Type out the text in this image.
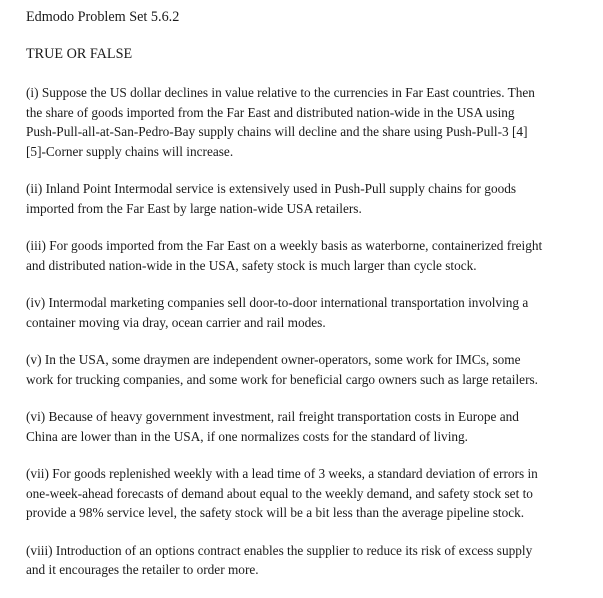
Edmodo Problem Set 5.6.2
TRUE OR FALSE
(i) Suppose the US dollar declines in value relative to the currencies in Far East countries. Then
the share of goods imported from the Far East and distributed nation-wide in the USA using
Push-Pull-all-at-San-Pedro-Bay supply chains will decline and the share using Push-Pull-3 [4]
[5]-Corner supply chains will increase.
(ii) Inland Point Intermodal service is extensively used in Push-Pull supply chains for goods
imported from the Far East by large nation-wide USA retailers.
(iii) For goods imported from the Far East on a weekly basis as waterborne, containerized freight
and distributed nation-wide in the USA, safety stock is much larger than cycle stock.
(iv) Intermodal marketing companies sell door-to-door international transportation involving a
container moving via dray, ocean carrier and rail modes.
(v) In the USA, some draymen are independent owner-operators, some work for IMCs, some
work for trucking companies, and some work for beneficial cargo owners such as large retailers.
(vi) Because of heavy government investment, rail freight transportation costs in Europe and
China are lower than in the USA, if one normalizes costs for the standard of living.
(vii) For goods replenished weekly with a lead time of 3 weeks, a standard deviation of errors in
one-week-ahead forecasts of demand about equal to the weekly demand, and safety stock set to
provide a 98% service level, the safety stock will be a bit less than the average pipeline stock.
(viii) Introduction of an options contract enables the supplier to reduce its risk of excess supply
and it encourages the retailer to order more.
